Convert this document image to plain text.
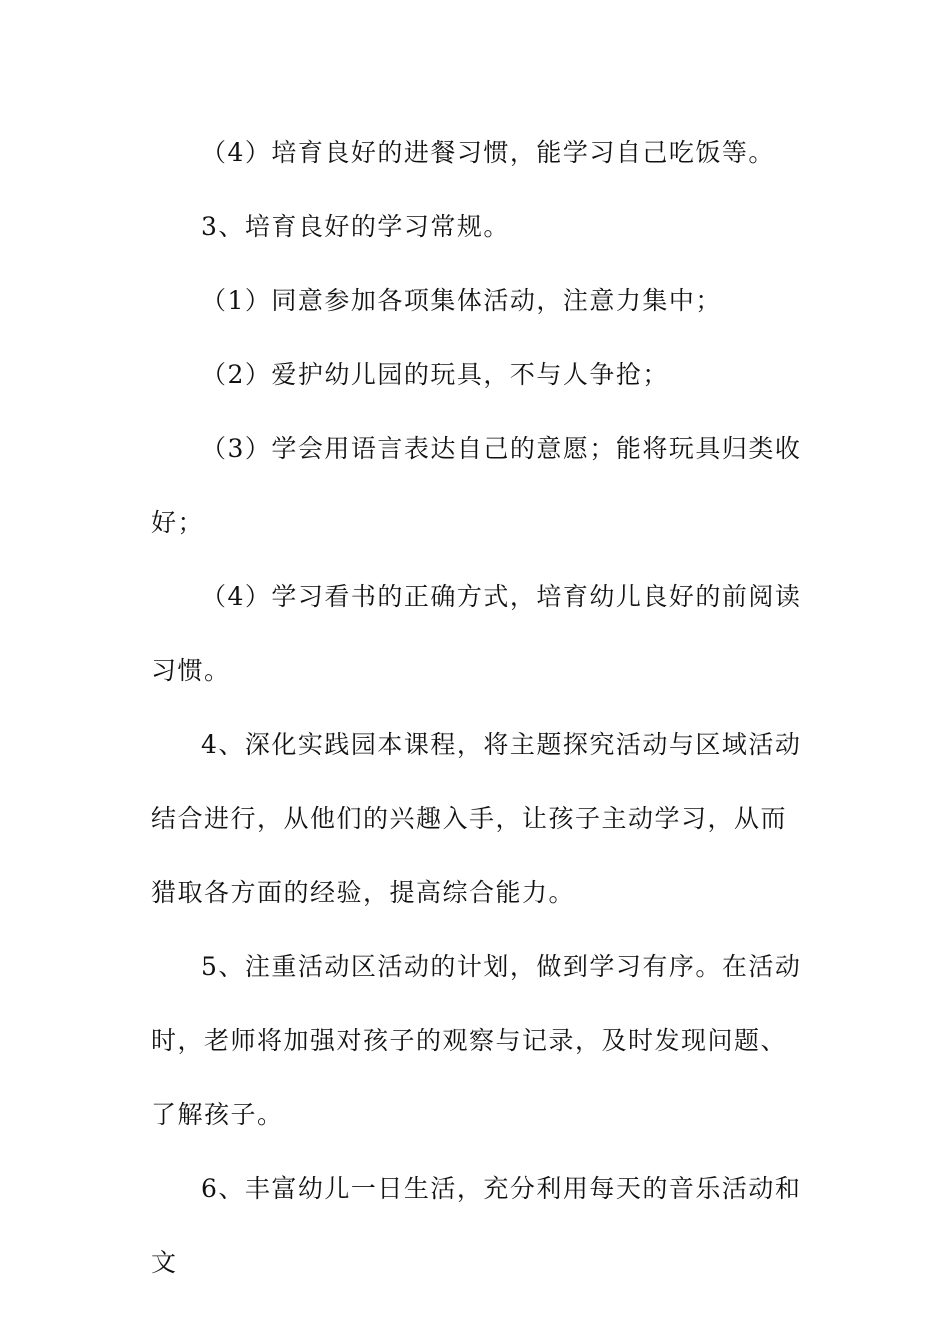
（4）培育良好的进餐习惯，能学习自己吃饭等。

3、培育良好的学习常规。

（1）同意参加各项集体活动，注意力集中；

（2）爱护幼儿园的玩具，不与人争抢；

（3）学会用语言表达自己的意愿；能将玩具归类收好；

（4）学习看书的正确方式，培育幼儿良好的前阅读习惯。

4、深化实践园本课程，将主题探究活动与区域活动结合进行，从他们的兴趣入手，让孩子主动学习，从而猎取各方面的经验，提高综合能力。

5、注重活动区活动的计划，做到学习有序。在活动时，老师将加强对孩子的观察与记录，及时发现问题、了解孩子。

6、丰富幼儿一日生活，充分利用每天的音乐活动和文
